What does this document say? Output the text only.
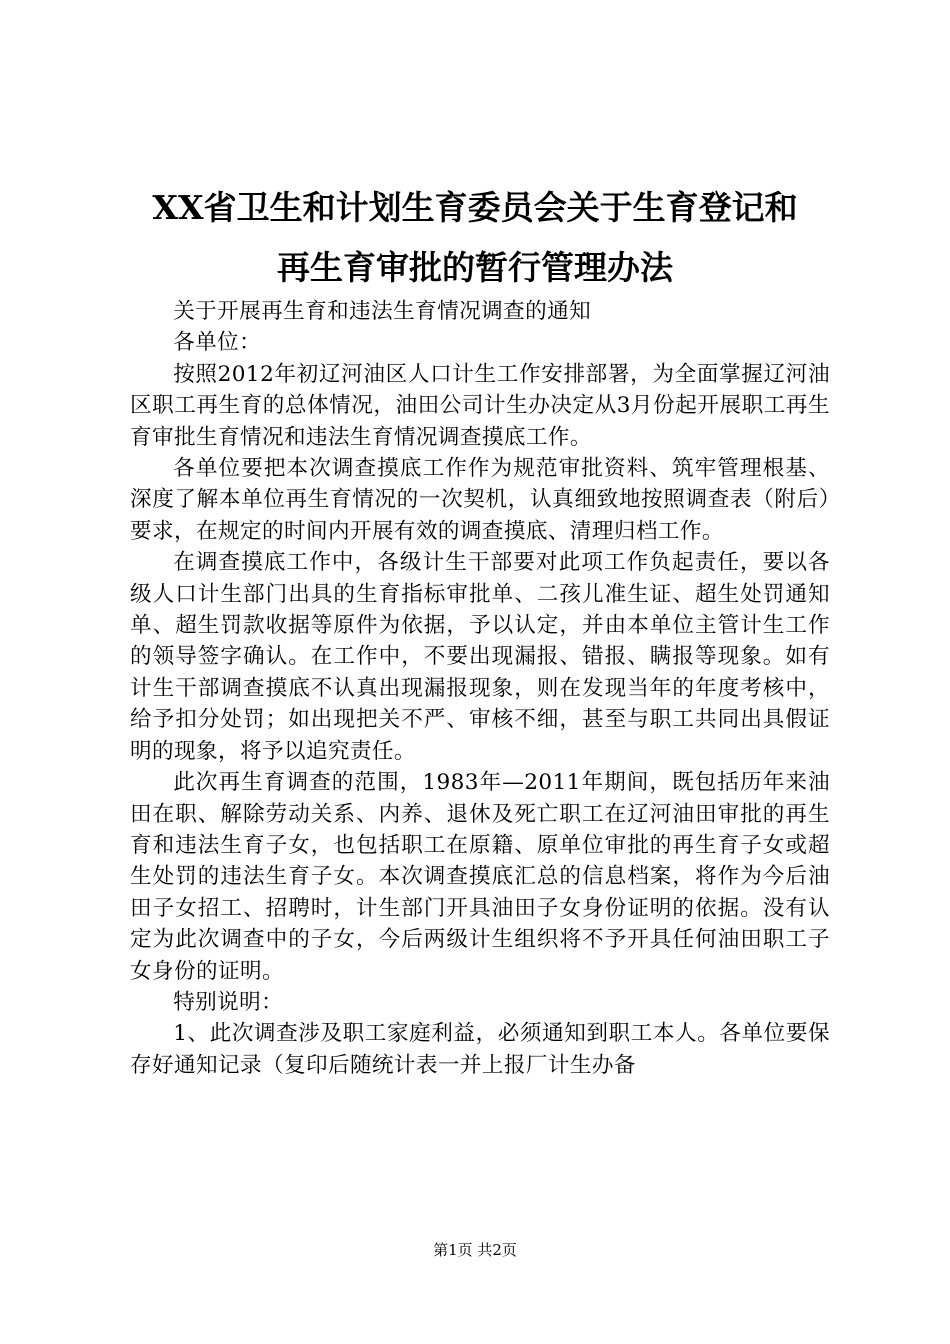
XX省卫生和计划生育委员会关于生育登记和
再生育审批的暂行管理办法

关于开展再生育和违法生育情况调查的通知

各单位：

按照2012年初辽河油区人口计生工作安排部署，为全面掌握辽河油区职工再生育的总体情况，油田公司计生办决定从3月份起开展职工再生育审批生育情况和违法生育情况调查摸底工作。

各单位要把本次调查摸底工作作为规范审批资料、筑牢管理根基、深度了解本单位再生育情况的一次契机，认真细致地按照调查表（附后）要求，在规定的时间内开展有效的调查摸底、清理归档工作。

在调查摸底工作中，各级计生干部要对此项工作负起责任，要以各级人口计生部门出具的生育指标审批单、二孩儿准生证、超生处罚通知单、超生罚款收据等原件为依据，予以认定，并由本单位主管计生工作的领导签字确认。在工作中，不要出现漏报、错报、瞒报等现象。如有计生干部调查摸底不认真出现漏报现象，则在发现当年的年度考核中，给予扣分处罚；如出现把关不严、审核不细，甚至与职工共同出具假证明的现象，将予以追究责任。

此次再生育调查的范围，1983年—2011年期间，既包括历年来油田在职、解除劳动关系、内养、退休及死亡职工在辽河油田审批的再生育和违法生育子女，也包括职工在原籍、原单位审批的再生育子女或超生处罚的违法生育子女。本次调查摸底汇总的信息档案，将作为今后油田子女招工、招聘时，计生部门开具油田子女身份证明的依据。没有认定为此次调查中的子女，今后两级计生组织将不予开具任何油田职工子女身份的证明。

特别说明：

1、此次调查涉及职工家庭利益，必须通知到职工本人。各单位要保存好通知记录（复印后随统计表一并上报厂计生办备

第1页 共2页
